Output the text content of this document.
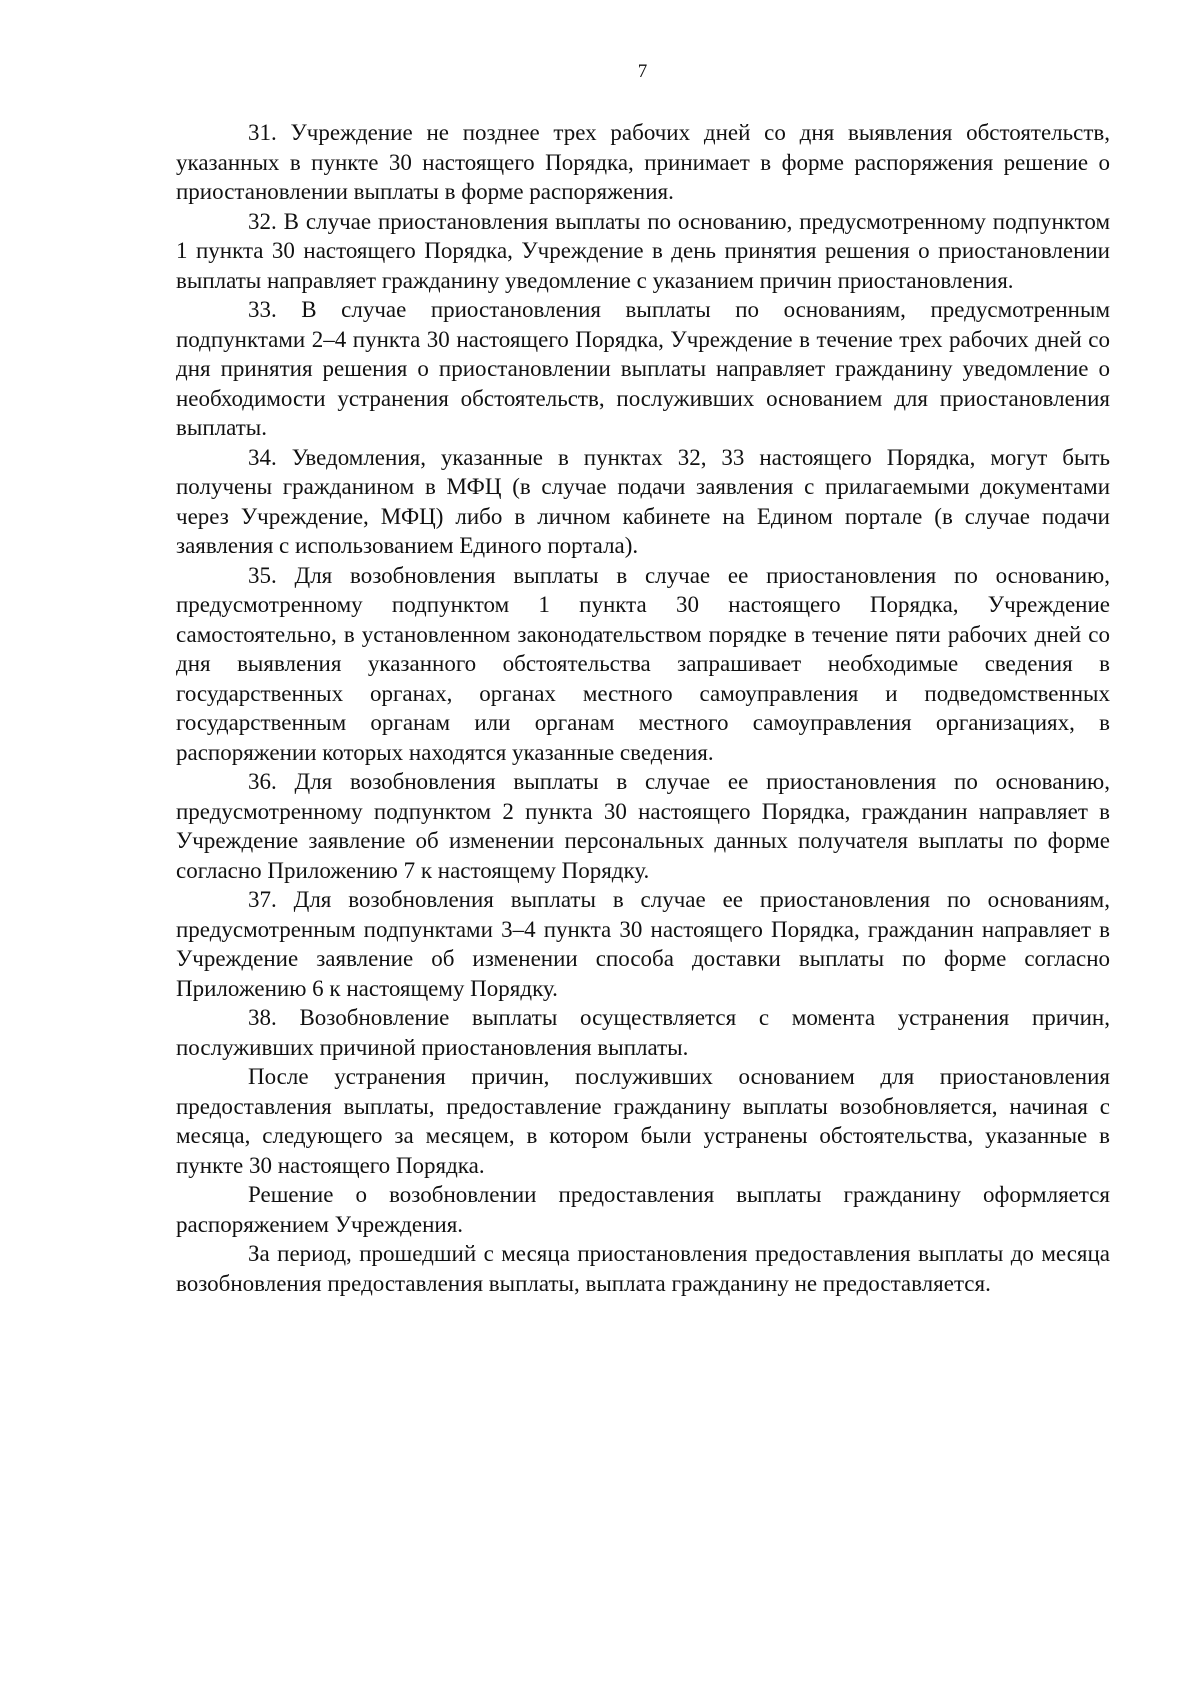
7

31. Учреждение не позднее трех рабочих дней со дня выявления обстоятельств, указанных в пункте 30 настоящего Порядка, принимает в форме распоряжения решение о приостановлении выплаты в форме распоряжения.

32. В случае приостановления выплаты по основанию, предусмотренному подпунктом 1 пункта 30 настоящего Порядка, Учреждение в день принятия решения о приостановлении выплаты направляет гражданину уведомление с указанием причин приостановления.

33. В случае приостановления выплаты по основаниям, предусмотренным подпунктами 2–4 пункта 30 настоящего Порядка, Учреждение в течение трех рабочих дней со дня принятия решения о приостановлении выплаты направляет гражданину уведомление о необходимости устранения обстоятельств, послуживших основанием для приостановления выплаты.

34. Уведомления, указанные в пунктах 32, 33 настоящего Порядка, могут быть получены гражданином в МФЦ (в случае подачи заявления с прилагаемыми документами через Учреждение, МФЦ) либо в личном кабинете на Едином портале (в случае подачи заявления с использованием Единого портала).

35. Для возобновления выплаты в случае ее приостановления по основанию, предусмотренному подпунктом 1 пункта 30 настоящего Порядка, Учреждение самостоятельно, в установленном законодательством порядке в течение пяти рабочих дней со дня выявления указанного обстоятельства запрашивает необходимые сведения в государственных органах, органах местного самоуправления и подведомственных государственным органам или органам местного самоуправления организациях, в распоряжении которых находятся указанные сведения.

36. Для возобновления выплаты в случае ее приостановления по основанию, предусмотренному подпунктом 2 пункта 30 настоящего Порядка, гражданин направляет в Учреждение заявление об изменении персональных данных получателя выплаты по форме согласно Приложению 7 к настоящему Порядку.

37. Для возобновления выплаты в случае ее приостановления по основаниям, предусмотренным подпунктами 3–4 пункта 30 настоящего Порядка, гражданин направляет в Учреждение заявление об изменении способа доставки выплаты по форме согласно Приложению 6 к настоящему Порядку.

38. Возобновление выплаты осуществляется с момента устранения причин, послуживших причиной приостановления выплаты.

После устранения причин, послуживших основанием для приостановления предоставления выплаты, предоставление гражданину выплаты возобновляется, начиная с месяца, следующего за месяцем, в котором были устранены обстоятельства, указанные в пункте 30 настоящего Порядка.

Решение о возобновлении предоставления выплаты гражданину оформляется распоряжением Учреждения.

За период, прошедший с месяца приостановления предоставления выплаты до месяца возобновления предоставления выплаты, выплата гражданину не предоставляется.
